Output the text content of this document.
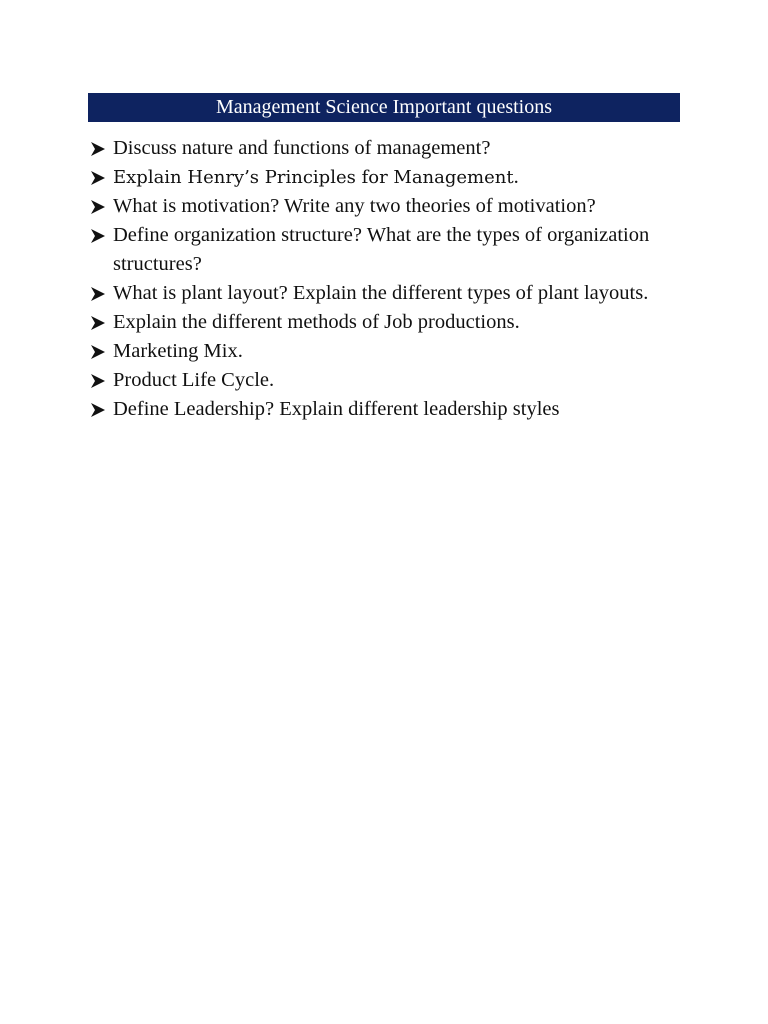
Management Science Important questions
Discuss nature and functions of management?
Explain Henry’s Principles for Management.
What is motivation? Write any two theories of motivation?
Define organization structure? What are the types of organization structures?
What is plant layout? Explain the different types of plant layouts.
Explain the different methods of Job productions.
Marketing Mix.
Product Life Cycle.
Define Leadership? Explain different leadership styles
